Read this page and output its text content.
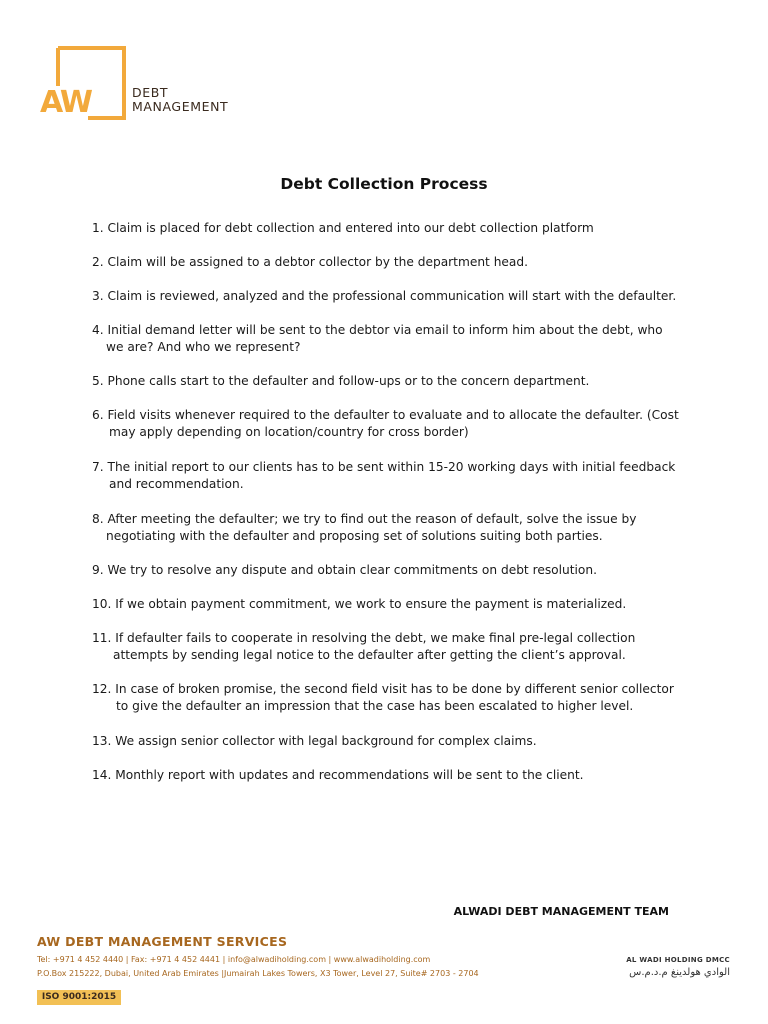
AW	DEBT
MANAGEMENT
Debt Collection Process
1. Claim is placed for debt collection and entered into our debt collection platform
2. Claim will be assigned to a debtor collector by the department head.
3. Claim is reviewed, analyzed and the professional communication will start with the defaulter.
4. Initial demand letter will be sent to the debtor via email to inform him about the debt, who
we are? And who we represent?
5. Phone calls start to the defaulter and follow-ups or to the concern department.
6. Field visits whenever required to the defaulter to evaluate and to allocate the defaulter. (Cost
may apply depending on location/country for cross border)
7. The initial report to our clients has to be sent within 15-20 working days with initial feedback
and recommendation.
8. After meeting the defaulter; we try to find out the reason of default, solve the issue by
negotiating with the defaulter and proposing set of solutions suiting both parties.
9. We try to resolve any dispute and obtain clear commitments on debt resolution.
10. If we obtain payment commitment, we work to ensure the payment is materialized.
11. If defaulter fails to cooperate in resolving the debt, we make final pre-legal collection
attempts by sending legal notice to the defaulter after getting the client’s approval.
12. In case of broken promise, the second field visit has to be done by different senior collector
to give the defaulter an impression that the case has been escalated to higher level.
13. We assign senior collector with legal background for complex claims.
14. Monthly report with updates and recommendations will be sent to the client.
ALWADI DEBT MANAGEMENT TEAM
AW DEBT MANAGEMENT SERVICES
Tel: +971 4 452 4440 | Fax: +971 4 452 4441 | info@alwadiholding.com | www.alwadiholding.com
P.O.Box 215222, Dubai, United Arab Emirates |Jumairah Lakes Towers, X3 Tower, Level 27, Suite# 2703 - 2704
ISO 9001:2015
AL WADI HOLDING DMCC
الوادي هولدينغ م.د.م.س
